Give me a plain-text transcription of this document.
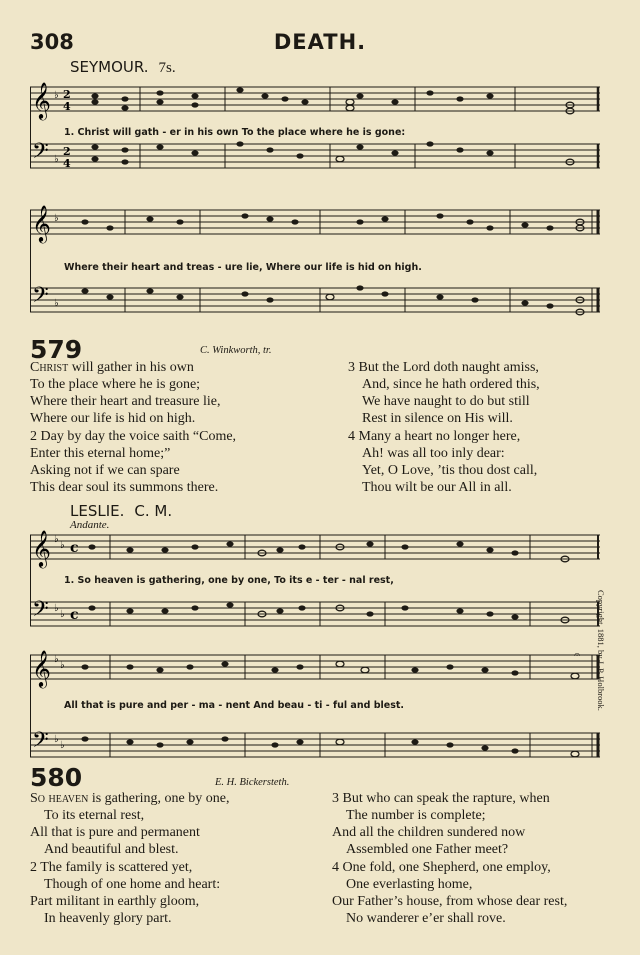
308	DEATH.
SEYMOUR. 7s.
𝄞
𝄢
♭
♭
2
4
2
4
1. Christ will gath - er in his own To the place where he is gone:
𝄞
𝄢
♭
♭
Where their heart and treas - ure lie, Where our life is hid on high.
579	C. Winkworth, tr.
Christ will gather in his own
To the place where he is gone;
Where their heart and treasure lie,
Where our life is hid on high.
2 Day by day the voice saith “Come,
Enter this eternal home;”
Asking not if we can spare
This dear soul its summons there.
3 But the Lord doth naught amiss,
And, since he hath ordered this,
We have naught to do but still
Rest in silence on His will.
4 Many a heart no longer here,
Ah! was all too inly dear:
Yet, O Love, ’tis thou dost call,
Thou wilt be our All in all.
LESLIE. C. M.
Andante.
𝄞
𝄢
♭
♭
♭
♭
c
c
1. So heaven is gathering, one by one, To its e - ter - nal rest,
𝄞
𝄢
♭
♭
♭
♭
𝄐
All that is pure and per - ma - nent And beau - ti - ful and blest.	Copyright, 1881, by J. P. Holbrook.
580	E. H. Bickersteth.
So heaven is gathering, one by one,
To its eternal rest,
All that is pure and permanent
And beautiful and blest.
2 The family is scattered yet,
Though of one home and heart:
Part militant in earthly gloom,
In heavenly glory part.
3 But who can speak the rapture, when
The number is complete;
And all the children sundered now
Assembled one Father meet?
4 One fold, one Shepherd, one employ,
One everlasting home,
Our Father’s house, from whose dear rest,
No wanderer e’er shall rove.
